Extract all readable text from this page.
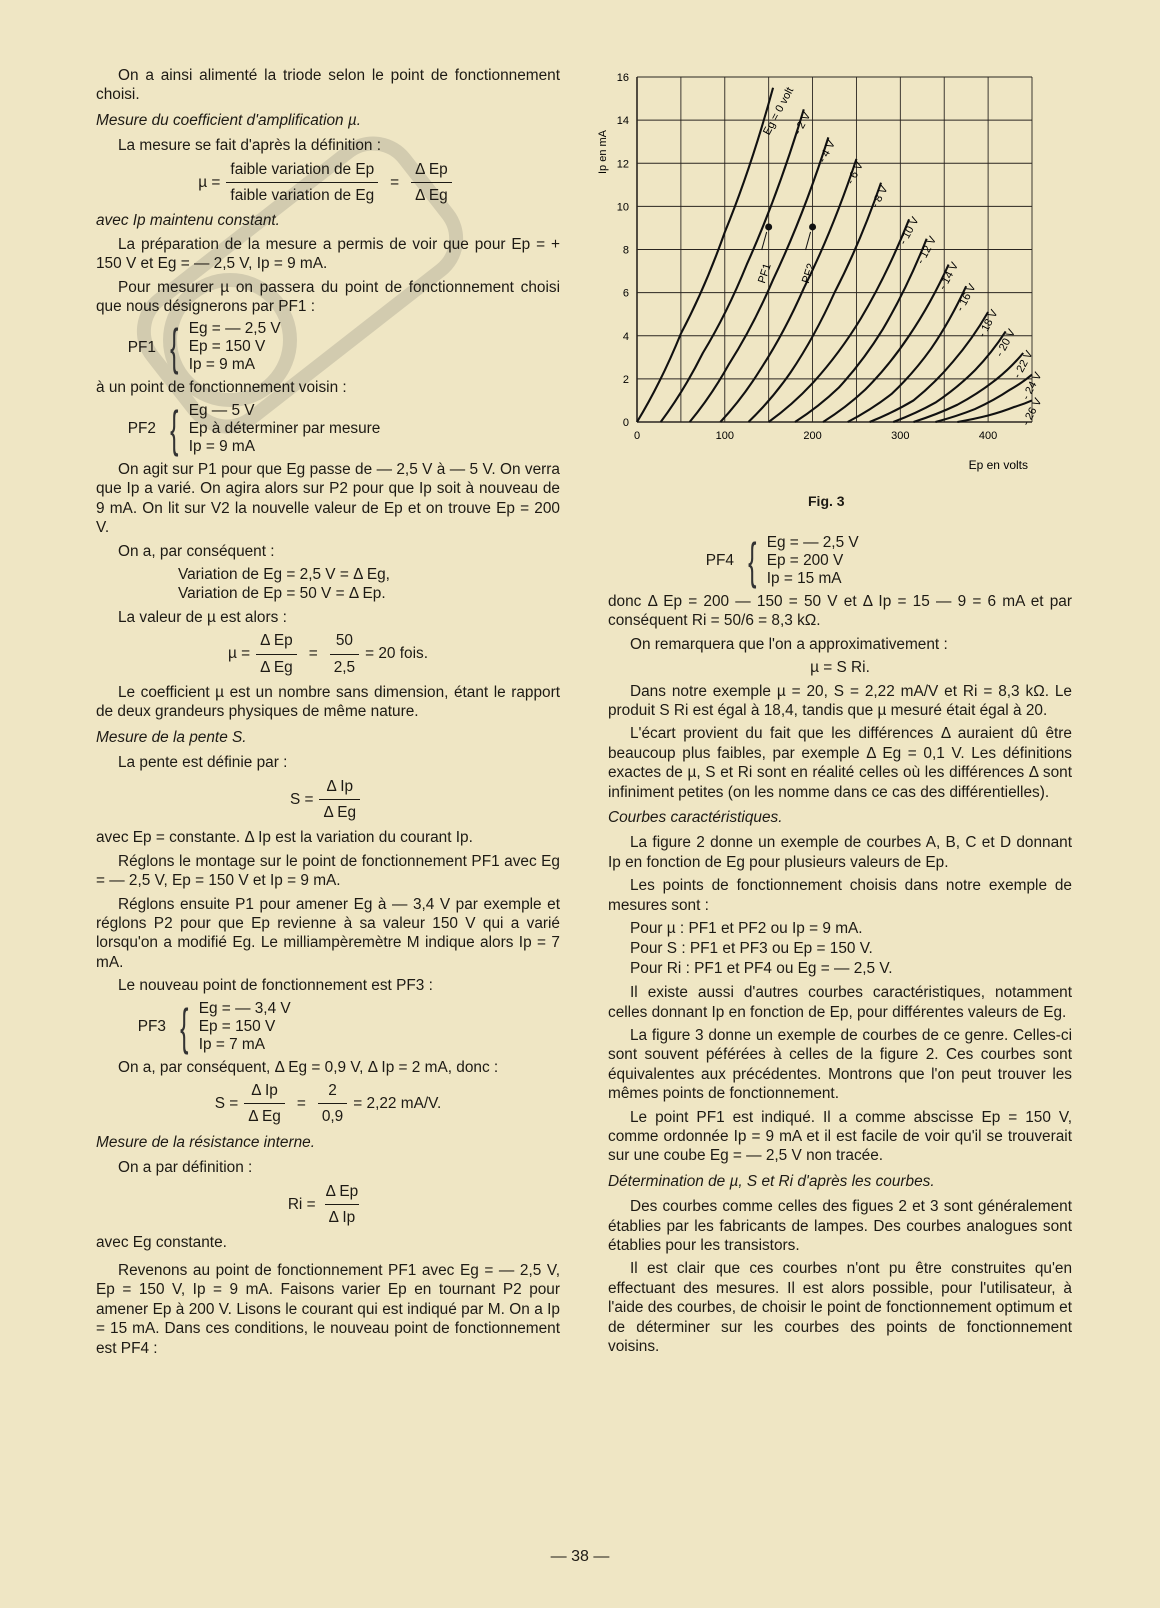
On a ainsi alimenté la triode selon le point de fonctionnement choisi.

Mesure du coefficient d'amplification µ.

La mesure se fait d'après la définition :

$\mu = \frac{\text{faible variation de Ep}}{\text{faible variation de Eg}} = \frac{\text{Δ Ep}}{\text{Δ Eg}}$

avec Ip maintenu constant.

La préparation de la mesure a permis de voir que pour Ep = + 150 V et Eg = — 2,5 V, Ip = 9 mA.

Pour mesurer µ on passera du point de fonctionnement choisi que nous désignerons par PF1 :

PF1 { Eg = — 2,5 V
Ep = 150 V
Ip = 9 mA

à un point de fonctionnement voisin :

PF2 { Eg — 5 V
Ep à déterminer par mesure
Ip = 9 mA

On agit sur P1 pour que Eg passe de — 2,5 V à — 5 V. On verra que Ip a varié. On agira alors sur P2 pour que Ip soit à nouveau de 9 mA. On lit sur V2 la nouvelle valeur de Ep et on trouve Ep = 200 V.

On a, par conséquent :

Variation de Eg = 2,5 V = Δ Eg,
Variation de Ep = 50 V = Δ Ep.

La valeur de µ est alors :

$\mu = \frac{\text{Δ Ep}}{\text{Δ Eg}} = \frac{50}{2,5} = 20$ fois.

Le coefficient µ est un nombre sans dimension, étant le rapport de deux grandeurs physiques de même nature.

Mesure de la pente S.

La pente est définie par :

$S = \frac{\text{Δ Ip}}{\text{Δ Eg}}$

avec Ep = constante. Δ Ip est la variation du courant Ip.

Réglons le montage sur le point de fonctionnement PF1 avec Eg = — 2,5 V, Ep = 150 V et Ip = 9 mA.

Réglons ensuite P1 pour amener Eg à — 3,4 V par exemple et réglons P2 pour que Ep revienne à sa valeur 150 V qui a varié lorsqu'on a modifié Eg. Le milliampèremètre M indique alors Ip = 7 mA.

Le nouveau point de fonctionnement est PF3 :

PF3 { Eg = — 3,4 V
Ep = 150 V
Ip = 7 mA

On a, par conséquent, Δ Eg = 0,9 V, Δ Ip = 2 mA, donc :

$S = \frac{\text{Δ Ip}}{\text{Δ Eg}} = \frac{2}{0,9} = 2,22$ mA/V.

Mesure de la résistance interne.

On a par définition :

$Ri = \frac{\text{Δ Ep}}{\text{Δ Ip}}$

avec Eg constante.

Revenons au point de fonctionnement PF1 avec Eg = — 2,5 V, Ep = 150 V, Ip = 9 mA. Faisons varier Ep en tournant P2 pour amener Ep à 200 V. Lisons le courant qui est indiqué par M. On a Ip = 15 mA. Dans ces conditions, le nouveau point de fonctionnement est PF4 :

Eg = 0 volt
- 2 V
- 4 V
- 6 V
- 8 V
- 10 V
- 12 V
- 14 V
- 16 V
- 18 V
- 20 V
- 22 V
- 24 V
- 26 V
0
2
4
6
8
10
12
14
16
0	100	200	300	400
PF1 PF2
Ip en mA
Ep en volts
Fig. 3
PF4 { Eg = — 2,5 V
Ep = 200 V
Ip = 15 mA

donc Δ Ep = 200 — 150 = 50 V et Δ Ip = 15 — 9 = 6 mA et par conséquent Ri = 50/6 = 8,3 kΩ.

On remarquera que l'on a approximativement :

µ = S Ri.

Dans notre exemple µ = 20, S = 2,22 mA/V et Ri = 8,3 kΩ. Le produit S Ri est égal à 18,4, tandis que µ mesuré était égal à 20.

L'écart provient du fait que les différences Δ auraient dû être beaucoup plus faibles, par exemple Δ Eg = 0,1 V. Les définitions exactes de µ, S et Ri sont en réalité celles où les différences Δ sont infiniment petites (on les nomme dans ce cas des différentielles).

Courbes caractéristiques.

La figure 2 donne un exemple de courbes A, B, C et D donnant Ip en fonction de Eg pour plusieurs valeurs de Ep.

Les points de fonctionnement choisis dans notre exemple de mesures sont :

Pour µ : PF1 et PF2 ou Ip = 9 mA.
Pour S : PF1 et PF3 ou Ep = 150 V.
Pour Ri : PF1 et PF4 ou Eg = — 2,5 V.

Il existe aussi d'autres courbes caractéristiques, notamment celles donnant Ip en fonction de Ep, pour différentes valeurs de Eg.

La figure 3 donne un exemple de courbes de ce genre. Celles-ci sont souvent péférées à celles de la figure 2. Ces courbes sont équivalentes aux précédentes. Montrons que l'on peut trouver les mêmes points de fonctionnement.

Le point PF1 est indiqué. Il a comme abscisse Ep = 150 V, comme ordonnée Ip = 9 mA et il est facile de voir qu'il se trouverait sur une coube Eg = — 2,5 V non tracée.

Détermination de µ, S et Ri d'après les courbes.

Des courbes comme celles des figues 2 et 3 sont généralement établies par les fabricants de lampes. Des courbes analogues sont établies pour les transistors.

Il est clair que ces courbes n'ont pu être construites qu'en effectuant des mesures. Il est alors possible, pour l'utilisateur, à l'aide des courbes, de choisir le point de fonctionnement optimum et de déterminer sur les courbes des points de fonctionnement voisins.

— 38 —
